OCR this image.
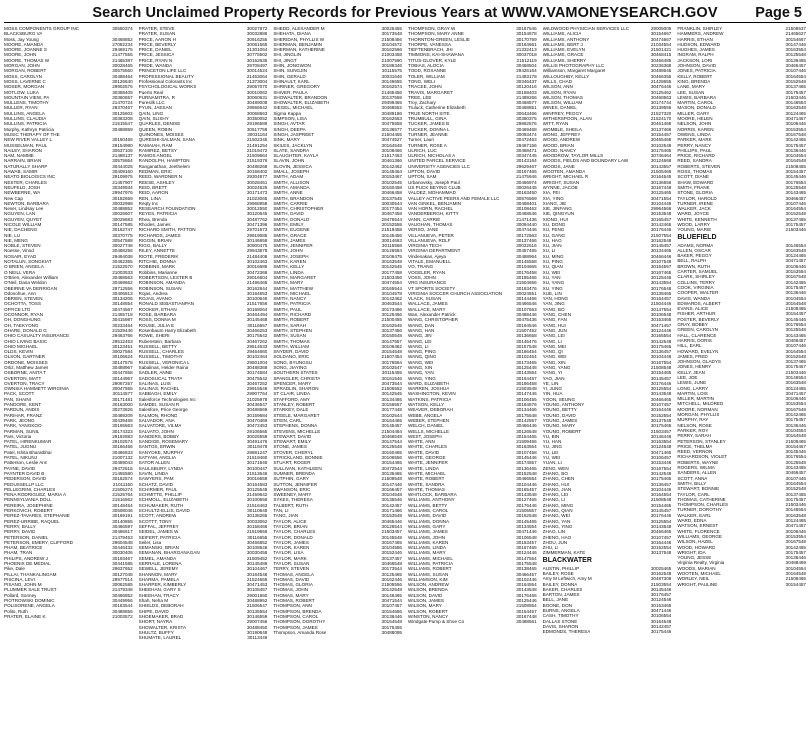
Search Unclaimed Property Records for Previous Years at WWW.VAMONEYSEARCH.GOV	Page 5
MOSS COMPONENTS GROUP INC	30550374
BLACKSBURG VA
Moss, Jay Young	30468852
MOORE, AMANDA	27082234
MOORE, JOANNE S	29469175
MOORE, JOHN	21477555
MOORE, THOMAS W	21465387
MORGAN, JOHN	30028465
MORGAN, ROBERT	30575560
MOSS, CAROLYN	30488464
MOSS, LAVERNE C	30126640
MOSER, MORGAN	29902575
MOTLOW, LUKA	30358409
MOUNTAIN VIEW, PA	30360657
MULLENS, TIMOTHY	21470724
MULLER, RYAN	28370467
MULLINS, ANGELA	30125602
MULLINS, CLAUDIA	30383208
MULLINS, PATRICIA	21515547
Murphy, Kathryn Patricia	30488859
MUSIC THERAPY OF THE
NEW RIVER VALLEY L	30160466
MUSSELMAN, PAUL	29154980
NAILEY, SHARON	30537108
NAM, NAMME	21488137
NARRAIN, BRIAN	30575864
NATURALLY SHARP	30444025
NAWAB, SAMIR	30409160
NEATO BIOLOGICS INC	29109975
NESTER, CHARLES	21457907
NEUFELD, JOSH	30349934
NEWBERNE, WA	29947976
New Cap	30182659
NEWTON, BARBARA	30032998
Nexer, Lindsay Lee	30488852
NGUYEN, LAN	30026607
NGUYEN, QUYET	30029683
NICOLE WILLIAM	30147585
NIE, DACHENG	30162747
NIE, LU	30370775
NIE, MENG	30547588
NOBLE, STEVEN	30027748
Noesse, Vinod	30468256
NOSAIR, EYAD	29494038
NOTALUN, SONGKIAT	30462355
O BRIEN, ANGELA	21522570
O NEILL VERA	21003533
O'Brien, Alexander William	30488563
O'Neil, Dana Weldon	30469662
OBEIRNE VA DERRIGAN	29712556
Odonohue, Ann	30406813
OBRIEN, STEVEN	30134206
OCHOTTA, TOSS	30148554
OFFICE LTD	30474567
OCONNOR, RYAN	21465718
OH, DONGHUNG	30415987
OH, TAEKYONG	30233464
OHARE, DONALD G	21529446
OHIO CASUALTY INSURANCE	29463766
OHIO LIVING BASIC	29512453
OHIO MIGHAEL	30123451
OLDS, KEVIN	30027584
OLSON, GARTNER	30106624
ORDONE, MOISSES	30147578
Ortiz, Matthew James	30488967
OSBORNE, ANITA T	30447658
OVERTON, MATT	30144957
OVERTON, TRACY	29067257
OWNSIA HAMMETT WIRGINIA	30047555
PACK, SCOTT	30114577
PAN, SHAINI	30171481
PANDORE, KENT	30163000
PARDUN, ANDIS	30273826
PARIHAR, FRANZ	30489209
PARK, JEONG	30439468
PARK, YANGKOO	30165563
PARMAN, SUNIL	30174323
Pars, Victoria	29192883
PATEL, HIRENKUMAR	29102574
PATEL, JUGNU	30166456
Patel, Ishita Bharatbhai	30486833
PATEL, NIKUNJ	21007132
Patterson, Leslie Ann	30489043
PAYNE, DAVID	29472516
PAYNTER DAVID B	21455580
PEDERSON, DAVID	30162574
PEDUSSELLP LLC	21011160
PELLEGRINI, CHARLES	21505274
PENA RODRIGUEZ, MARIA A	21525764
PENNSYLVANIA DOLL	21516562
PEREIRA, JOSEPHINE	30148454
PERKOVICH, ROBERT	30508046
PEREZ-TAVARES, STEPHANIE	30169191
PEREZ-URRIBE, RAQUEL	30140855
PERRY, BALLY	30466597
PERRY, DAVID	30486617
PETERSON, DANIEL	21479453
PETERSON, EMERY, CLIFFORD	29604548
PHAM, BEATRICE	30446432
PHAM, TRAN	30030406
PHILIPS, ANDREW J	30193467
PHOENIX DE MEDIAL	30441585
Pike, Dale	29637652
PILLAI, THANKALINGAM	30127048
PISCINA, LEVI	29977514
PISANO, JOHN M	30062585
PLUMMER SALE TRUST	21479348
Pollard, Sonney	30466852
PIOTROWSKI DOMINIC	30449956
POLISORENE, ANGELA	30163544
Polito, Ruth	30488856
PRATER, ELAINE K	21003572
PRATER, STEVE	30027872
PRATER, SUSAN	30032886
PRICE, AARON H	30916255
PRICE, BEVERLY	30061565
PRICE, DANIEL	21301064
PRICE, JESSICA	30775502
PRICE, RYAN N	30152635
PRIDE, WANDA	29708497
PRINCETON LIFE LLC	30014524
PROFESSIONAL BEAUTY	21453064
Professional Colorants Inc	21373004
PSYCHOLOGICAL WORKS	29057070
Puerto Real	30010062
PURNAMITRA, R	30060631
Puresilk LLC	30489008
PYUN, JAESAN	29866642
QAIN, LING	30068663
QAIN, SLISHY	30350052
QUARLES, DENISE	29196589
QUEEN, ROBIN	30617759
QUINONES, MOISES	30031164
QURESHI-SALMAN, SANA	21502345
RAMAIAH, RAM	21491254
RAMIREZ, BETSY	21019472
RAMOS ANGEL	21509664
RANDOLPH, HAMPTON	21519376
Ranganathan, Jeethelem	30488268
REDMAN, ERIC	30158402
REED, WARDNER N	29304877
REESE, ASHLEY	30028451
REID, BRETT	30024625
REID, AARON	30171473
REN, LINA	21023065
Reqty Inc	29968958
RESEARCH FOUNDATION	30012550
REYES, PATRICIA	30120645
Rhea, Brenda	30487762
Rhodes, James	30471396
RICHARD SMITH, PATTON	29701673
RICHARDS, JAMES	29919085
RIGGIN, BRIAN	30146658
RIGG, BALLY	30900475
RILEY, ANNETTE	29943878
RIOTE, FREDERIK	21484408
RITCHIE, DONNA	30102463
ROBBINS, MARK	30016685
Robbins, Marianne	30472368
ROBERTSON, LESTER B	29016604
ROBINSON, AMANDA	21496465
ROBINSON, SUSAN	30162844
Rojas, Andrea	30164653
ROJAS, AVANO	30100646
RONALD SEBASTIANPAN	21517656
ROOKER, ETHAN	30168064
ROSE, BARBARA	30464494
ROSS, DONNA M	30145468
ROUSE, JULIA E	30116657
Rosenbaum Harry Elizabeth	30466253
ROWE, SHERI	30175542
Rubenstein, Barbara	30467262
RUSSELL, BETTY	29514633
RUSSELL, CHARLES	29464660
RUSSELL, TIMOTHY	30102464
RUSSELL, VERONICA L	29501004
Sabalinas, Helder Raina	30488368
SADLER, ANNE	30174584
SADOSUCAL TRATA	30475542
SALINAS, LUIS	30467252
SALINAS, RACHEL	29915546
SABBAGH, EMILY	29907764
Salesforce Technologies Inc	21025978
SAMDEI, SUSAN R	30436547
Salesfore, Price George	30488669
SALMON, RHOND	30159684
SALVADOR, ANA	30470469
SALVATORE, VILMA	30472453
SALVATO, JOHN	29106565
SANDERS, BOBBY	30025559
SANDIGE, ROSEMARY	30491476
SANTOS, ERWIN	30119478
SANYOKE, MURPHY	29881247
SATYAM, ANGLIA	21519460
SATOR ALLEN	30171546
SAULSBURY, LYNDA	30100447
SAVIN, LINDA	21513646
SAWYERS, PAM	30016659
SCHATZ, DAVID	30164583
SCHIRMER, PAUL	30125549
SCHMITTE, PHILLIP	21459642
SCHMOLL, ELIZABETH	30100656
SCHUMAKER, RUTH	21516463
SCHULTZ-ELLIS, DAVID	30110648
SCOTT, ANDREW	30138265
SCOTTT, TONY	30033062
SEFFAL, JEFFREY	30158466
SEIDEL, JAMES W	21519659
SEIFERT, PATRICIA	30116655
Seiler, Lisa	30466852
SEMANSKI, BRIAN	30108646
SEMANAN, BHARGANAGAN	30030458
SEMEL, AMANDA	21509452
SERRALE, LORENA	30145486
SEWELL, JEREMY	30104467
SHANNON, MARY	30164548
SHARMA, PAMELA	21524656
SHARPER, KIMBERLY	30471453
SHEEHAN, GARY S	30108457
SHEEHAN, TRACY	29001660
Shah, Neha M	30488952
SHIELDS, DEBORAH	21506547
SHIPE, DAVID	30135554
SHOEMAKER, BRAD	30146559
SHORT, NAYRA	29007456
SHOWALTER, KRISTA	30488450
SHULTZ, BUFFY	30190648
SHUMATE, LAUREL	30113446
SHEDD, ALEXANDER M	30025455
SHEHATA, DIANA	30173548
SHERIDAN, PHYLLIS W	21508456
SHERMAN, BENJAMIN	30104572
SHERMAN, KATHERINE	30162566
SHI, JINGLIN	21003458
SHI, JINGT	21007590
SHIN, JONGWON	30186346
SHIN, SUNGJIN	30115575
SHIN, GERALD	30031646
SHINAULT, KARL	30146655
SHRINER, GREGORY	30162574
SHIVER, PAULA	21465456
SHOWALTER, BRANDON	30137558
SHOWALTER, ELIZABETH	29499465
SIEGEL, MICHAEL	30466552
Sigma Kappa	30489186
SIMPSON, LISA	30162553
SINGH, AVTAR	30475558
SINGH, DEEPA	30136577
SINGH, JASPREET	21504455
SINK, MARY	30474527
SKILES, JACKLYN	30164548
SLATE, SANDRA	30108466
SLAUGHTER, KAYLA	21517463
SLAVIN, JOHN	30461366
SLOVIN, JESSICA	30142462
SMALL, JOSEPH	30145464
SMITH, ADAM	30153467
SMITH, ALLISON	30102545
SMITH, AMANDA	30160458
SMITH, ANNE	30466458
SMITH, BRANDON	30137545
SMITH, CARRIE	30030544
SMITH, CHRISTOPHER	30177454
SMITH, DAVID	30467458
SMITH, DONALD	29476544
SMITH, EMILY	30152558
SMITH, EUGENE	21519458
SMITH, GRACE	30145456
SMITH, JAMES	30014663
SMITH, JENNIFER	30115568
SMITH, JOHN	30126584
SMITH, JOSEPH	30106475
SMITH, KAREN	30163548
SMITH, KELLY	30142545
SMITH, LINDA	30177458
SMITH, MARGARET	21503456
SMITH, MARY	30474554
SMITH, MATTHEW	30165544
SMITH, MICHAEL	30104578
SMITH, NANCY	30142462
SMITH, PATRICIA	30463544
SMITH, PAUL	30173466
SMITH, RICHARD	30125466
SMITH, ROBERT	21500455
SMITH, SARAH	30162545
SMITH, STEPHEN	30137456
SMITH, SUSAN	30150548
SMITH, THOMAS	30147557
SMITH, WILLIAM	30106462
SNYDER, DAVID	30154548
SOLDANO, ERIC	21507454
SONG, BYUNGSU	30176564
SONG, JIAYING	30102547
SOUTHERN STATES	30115455
SPANGLER, CHRISTA	30161546
SPENCER, MARY	30473544
SPRADLIN, SHARON	21506552
ST CLAIR, LINDA	30142545
STAFFORD, AMY	30134465
STANLEY, ROBERT	30156557
STARKEY, DALE	30177448
STEELE, MARGARET	30102544
STEIN, CARL	30164465
STEPHENS, DONNA	30145457
STEVENS, MICHELLE	21504464
STEWART, DAVID	30466548
STEWART, EMILY	30147544
STONE, JAMES	30125548
STOVER, CHERYL	30160465
STRICKLAND, BONNIE	30106556
STUART, ROGER	30154465
SULLIVAN, KATHLEEN	30472544
SUMNER, BRENDA	30136465
SUTPHIN, GARY	21509548
SUTTON, JENNIFER	30147446
SWANSON, ERIC	30166457
SWEENEY, MARY	30104548
SYKES, THERESA	30135546
TALBERT, RUTH	30142457
TAN, LI	30171466
TANG, JIAN	30153548
TAYLOR, ALICE	30465446
TAYLOR, BRIAN	30126544
TAYLOR, CHARLES	21503457
TAYLOR, DONALD	30145548
TAYLOR, JAMES	30167465
TAYLOR, KAREN	30104556
TAYLOR, LISA	30152446
TAYLOR, MARK	30137457
TAYLOR, SUSAN	30466548
TERRY, STEVEN	30173544
THOMAS, ANGELA	30125465
THOMAS, DAVID	30162446
THOMAS, GLORIA	21505556
THOMAS, JOHN	30142548
THOMAS, MARY	30146465
THOMAS, ROBERT	30471544
THOMPSON, ANN	30107457
THOMPSON, BRENDA	30154556
THOMPSON, CAROL	30136446
THOMPSON, DOROTHY	30164548
THOMPSON, JAMES	30175465
Thompson, Amanda Rose	30488095
THOMPSON, GRAY W	30167546
THOMPSON, MARY ANNE	30154678
THORNTON-GREEN, LESLIE	30170769
THORPE, VANESSA	30164661
TIEFTENBRACH, JHI	21332413
TIMMONS, KAI-SHAWANA	30037018
TITUS-GLOVER, KYLE	21512119
TOBIAS, ALOCIA	30468504
TODD, ROXANNE	29426164
TOLER, WILLIAM	21483178
TONG, WELI	30346437
TRACEE, JOHN	30120416
TRAVIS, MARGARET	30168403
TREE, LEE	21489266
Troy, Zachary	30468577
Truluck, Catherine Elizabeth	30468851
TRUE NORTH SITE	30643466
TRUMBULL, GINA	30380375
TUCKER, JAMES B	29862576
TUCKER, DONNA L	30469468
TURNER, JEANNE	30093474
Turner, Lauri	30472463
TURNER, ROSE A	29467156
ULRICH, LUC	30468471
ULRICH, NICHOLAS A	30347445
UNITED PARCEL SERVICE	30143164
UNIVERSITY AGENCIES LLC	29629467
UPTON, DAVID	30167466
UPTON, SAM	21475946
Urbanovsky, Joseph Paul	30466974
US PUCK BEYING CLUB	30026445
VALDEZ, MOHAMMAD	30163450
VALLEY ACTIVE PEERS AND FEMALE LLC	30576569
VAN GINKEL, BENJAMIN	30468401
VAN HORN, RACHEL	30108462
VANDERBERGH, KITTY	30468546
VANN, CARRIE	21471436
VAUGHAN, THOMAS	30094440
VERSO, JANE	30474446
VILLANUEVA, PETER	30172563
VILLANUEVA, RDLF	30137466
VIRGINIA TECH	30022516
VIRGINIA DEPARTMENT	30457465
Vindenakan, Ajeya	30488964
VITALE, EMANUELL	30145558
VO, TRANG	30104665
VOGELER, RYAN	30176458
VOSS, JOHN	30185466
VRG INSURANCE	21504656
VT SPORTS SOCIETY	30163476
VIRGINIA SOCCER CHURCH ASSOCIATION	30024551
VLACK, SUSAN	30144466
WALLACE, JAMES	30466546
WALLACE, MARY	30107663
Wan, Alexander Patrick	30488446
WANG, CHRISTOPHER	30475436
WANG, DAN	30164546
WANG, HAN	21507452
WANG, JIN	30136658
WANG, LEI	30145476
WANG, LI	30157548
WANG, PING	30166454
WANG, QING	30102464
WANG, WEI	30173465
WANG, XIN	30125448
WANG, YAN	30143554
WANG, YING	30164457
WARD, ELIZABETH	30186458
WARREN, JOSHUA	21503548
WASHINGTON, KEVIN	30147446
WATKINS, PATRICIA	30106455
WATSON, KELLY	30164576
WEAVER, DEBORAH	30134466
WEBB, ANGELA	30175548
WEBER, STEPHEN	30142557
WELCH, DANIEL	30466446
WELLS, MICHELLE	30126548
WEST, JOSEPH	30154465
WHITE, ANN	21509466
WHITE, CHARLES	30163554
WHITE, DAVID	30107458
WHITE, GEORGE	30145446
WHITE, JENNIFER	30174557
WHITE, LINDA	30136465
WHITE, MICHAEL	30152548
WHITE, ROBERT	30466554
WHITE, SANDRA	30104446
WHITE, THOMAS	30165457
WHITLOCK, BARBARA	30143548
WILLIAMS, ANTHONY	30127465
WILLIAMS, BETTY	30176446
WILLIAMS, CAROL	21505557
WILLIAMS, DAVID	30162548
WILLIAMS, DONNA	30145465
WILLIAMS, GARY	30134554
WILLIAMS, JAMES	30471446
WILLIAMS, JOHN	30106548
WILLIAMS, KAREN	30153457
WILLIAMS, LINDA	30167465
WILLIAMS, MARY	30124446
WILLIAMS, MICHAEL	30147554
WILLIAMS, PATRICIA	30175548
WILLIAMS, ROBERT	30138465
WILLIAMS, SUSAN	30466457
WILLIAMSON, KIM	30102446
WILSON, ANDREW	30164554
WILSON, BRENDA	30143548
WILSON, DAVID	30176465
WILSON, JAMES	30125446
WILSON, MARY	21508554
WILSON, ROBERT	30154457
WINSTON, NANCY	30167448
Windgate Pump & Shoe Co	30488561
WILDWOOD PHYSICIAN SERVICES LLC	29005005
WILLIAMS, ALICIA	30154667
WILLIAMS, ANTHONY	30474667
WILLIAMS, BERT J	21034554
WILLIAMS, EVELYN	21501421
WILLIAMS, GRACE	30468415
WILLIAMS, SHERRY	30466485
WILLIS PHOTOGRAPHY LLC	30236368
Williamson, Margaret Margaret	30488645
WILLOUGHBY, KELLY	30466355
WILLS, CHAD	21428655
WILSON, ANN	30476446
WILSON, RYAN	30125462
WILSON, THOMAS	30468563
WILSON, WILLIAM	30174744
WINES, DANIEL	30139556
WINFREY, PEGGY	21527320
WITHERSPOON, ALAN	21524170
WITT, RYAN	30461468
WOMBLE, SHEILA	30137466
WONG, JEFFREY	30154457
WOOD, ANDREW	30465468
WOOD, BRIAN	30102548
WOOD, NANCY	30175465
WOODROW, TAYLOR MILLS	30746464
WOODS, FIELDS AND BOUNDARY LAW	30124668
WOODS, JANE	30143557
WOOTEN, AMANDA	21505466
WRIGHT, MICHAEL R	30164545
WRIGHT, SUSAN	30136556
WYNNE, JACOB	30167448
XIA, FEI	30125465
XIA, YING	30471554
XIANG, JIE	30104446
XIE, JINFANG	29964566
XIE, QINGYUN	30153548
XIONG, HUI	30165457
XU, DONG	30142465
XU, FENG	30176446
XU, GANG	21507554
XU, HAO	30162548
XU, JIAN	30145457
XU, LI	30134465
XU, MING	30466446
XU, PING	30107548
XU, QIAN	30154557
XU, WEI	30167465
XU, YAN	30125446
XU, YANG	30143554
XU, YING	30176548
XUE, LIN	30138465
YAN, HONG	30164457
YAN, JING	21504446
YANG, BO	30147554
YANG, CHEN	30106548
YANG, FAN	30153465
YANG, HUI	30471457
YANG, JUN	30124446
YANG, LEI	30165554
YANG, LI	30142548
YANG, MEI	30175465
YANG, QI	30136457
YANG, WEI	30104446
YANG, XIN	30167554
YANG, YANG	21508548
YANG, YI	30154465
YAO, JIAN	30145457
YE, LIN	30176446
YI, JUNG	30125554
YIN, HUA	30143548
YOON, SEUNG	30466465
YOUNG, ANTHONY	30107457
YOUNG, BETTY	30164446
YOUNG, DAVID	30152554
YOUNG, JAMES	30137548
YOUNG, MARY	30175465
YOUNG, ROBERT	21503457
YU, BIN	30146446
YU, HAN	30163554
YU, JING	30124548
YU, LEI	30471465
YU, WEI	30106457
YUAN, LI	30153446
ZENG, WEN	30167554
ZHANG, BO	30142548
ZHANG, CHEN	30175465
ZHANG, HUI	30136457
ZHANG, JIAN	30104446
ZHANG, LEI	30164554
ZHANG, LI	21508548
ZHANG, MING	30154465
ZHANG, QIAN	30145457
ZHANG, WEI	30176446
ZHANG, YAN	30125554
ZHANG, YING	30143548
ZHAO, LIN	30466465
ZHENG, HAO	30107457
ZHOU, JUN	30164446
ZHU, LI	30152554
ZIMMERMAN, KATE	30137548
BLACKWATER
AUSTIN, PHILLIP	30025465
BAILEY, ROSE	30162548
Amy M Leftwich, Amy M	30487308
BAILEY, DONNA	21503554
BAKER, CHARLES	30145446
BARTON, JAMES	30176457
BELL, JANE	30124548
BOONE, DON	30153465
BURNS, ANGELA	30471446
CASH, TIMOTHY	30106554
DALLAS STONE	30164548
DAVIS, SHARON	30142457
EDMONDS, THERESA	30175446
FRANKLIN, SHIRLEY	21508537
HAMMERS, ANDREW	21465627
HARRIS, ETHAN	30154667
HUDSON, EDWARD	30147446
HUGHES, JAMES	30163554
INGRAM, RALPH	30125548
JACKSON, LORI	30136465
JOHNSON, DAVID	30466457
JONES, PATRICIA	30107446
KELLY, ROBERT	30164554
KING, BRENDA	30152548
LANE, MARY	30137465
LEE, SUSAN	30175457
LEWIS, BARBARA	21503446
MARTIN, CAROL	30146554
MASON, DONALD	30163548
MILLER, GARY	30124465
MOORE, HELEN	30471457
NELSON, JOHN	30106446
NORRIS, KAREN	30153554
OWENS, LINDA	30167548
PARKER, MARK	30142465
PERRY, NANCY	30175457
PHILLIPS, PAUL	30136446
PRICE, RICHARD	30104554
REED, SANDRA	30164548
ROBERTS, STEVEN	21508465
ROSS, THOMAS	30154457
SCOTT, DIANE	30145446
SHAW, EDWARD	30176554
SMITH, FRANK	30125548
STONE, GLORIA	30143465
TAYLOR, HAROLD	30466457
TURNER, IRENE	30107446
WALKER, JACK	30164554
WARD, JOYCE	30152548
WHITE, KENNETH	30137465
WOOD, LARRY	30175457
YOUNG, MARIE	21503446
BLUEFIELD
ADAMS, NORMA	30146554
ALLEN, OSCAR	30163548
BAKER, PEGGY	30124465
BELL, RALPH	30471457
BROWN, RUTH	30106446
CARTER, SAMUEL	30153554
CLARK, SHIRLEY	30167548
COLLINS, TERRY	30142465
COOK, VIRGINIA	30175457
COOPER, WALTER	30136446
DAVIS, WANDA	30104554
EDWARDS, ALBERT	30164548
EVANS, ALICE	21508465
FISHER, ARTHUR	30154457
FOSTER, BEVERLY	30145446
GRAY, BOBBY	30176554
GREEN, CAROLYN	30125548
HALL, CLARENCE	30143465
HARRIS, DORIS	30466457
HILL, EARL	30107446
HOWARD, EVELYN	30164554
JAMES, FRED	30152548
JOHNSON, GLADYS	30137465
JONES, HENRY	30175457
KELLY, JEAN	21503446
LEE, JOE	30146554
LEWIS, JUNE	30163548
LONG, LARRY	30124465
MARTIN, LOIS	30471457
MILLER, MARTIN	30106446
MITCHELL, MILDRED	30153554
MOORE, NORMAN	30167548
MORGAN, PHYLLIS	30142465
MURPHY, RAY	30175457
NELSON, ROSE	30136446
PARKER, ROY	30104554
PERRY, SARAH	30164548
PETERSON, STANLEY	21508465
PRICE, THELMA	30154457
REED, VERNON	30145446
RICHARDSON, VIOLET	30176554
ROBERTS, WAYNE	30125548
ROGERS, WILMA	30143465
SANDERS, ALLEN	30466457
SCOTT, ANNA	30107446
SMITH, BILLY	30164554
STEWART, BONNIE	30152548
TAYLOR, CARL	30137465
THOMAS, CATHERINE	30175457
THOMPSON, CHARLES	21503446
TURNER, DOROTHY	30146554
WALKER, EARL	30163548
WARD, EDNA	30124465
WATSON, ERNEST	30471457
WHITE, FLORENCE	30106446
WILLIAMS, GEORGE	30153554
WILSON, HAZEL	30167548
WOOD, HOWARD	30142465
WRIGHT, IDA	30175457
YOUNG, JESSE	30136446
Virginia Realty, Virginia	30488469
WOODS, MARIAN	30104554
WOOTEN, MICHAEL	30164548
WORLEY, NEIL	21508465
WRIGHT, PAULINE	30154457
